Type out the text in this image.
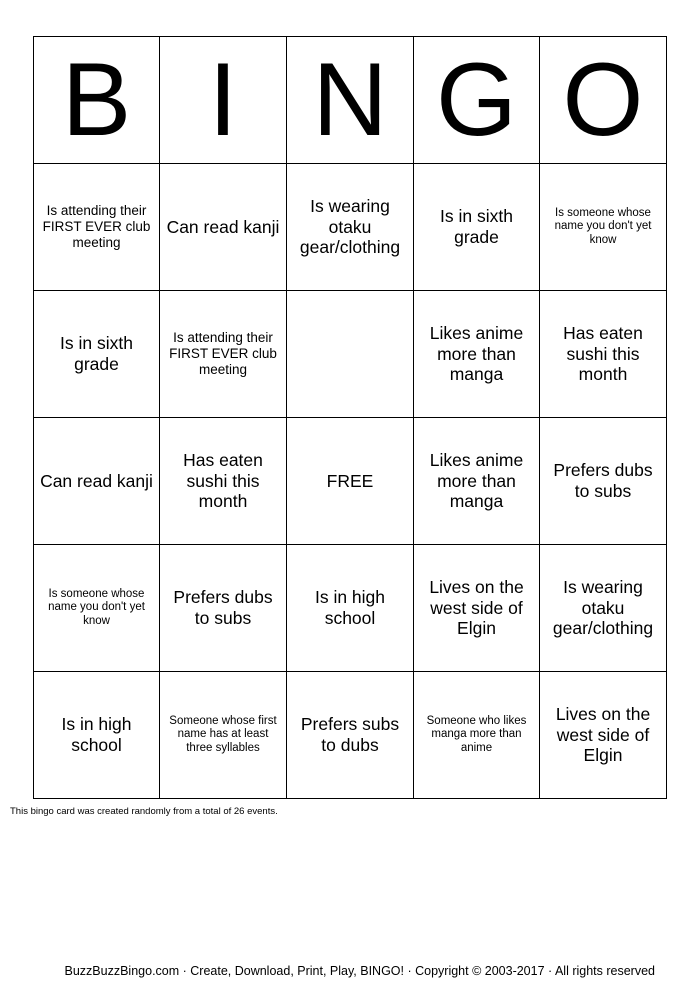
B	I	N	G	O
Is attending their FIRST EVER club meeting	Can read kanji	Is wearing otaku gear/clothing	Is in sixth grade	Is someone whose name you don't yet know
Is in sixth grade	Is attending their FIRST EVER club meeting		Likes anime more than manga	Has eaten sushi this month
Can read kanji	Has eaten sushi this month	FREE	Likes anime more than manga	Prefers dubs to subs
Is someone whose name you don't yet know	Prefers dubs to subs	Is in high school	Lives on the west side of Elgin	Is wearing otaku gear/clothing
Is in high school	Someone whose first name has at least three syllables	Prefers subs to dubs	Someone who likes manga more than anime	Lives on the west side of Elgin

This bingo card was created randomly from a total of 26 events.

BuzzBuzzBingo.com · Create, Download, Print, Play, BINGO! · Copyright © 2003-2017 · All rights reserved
